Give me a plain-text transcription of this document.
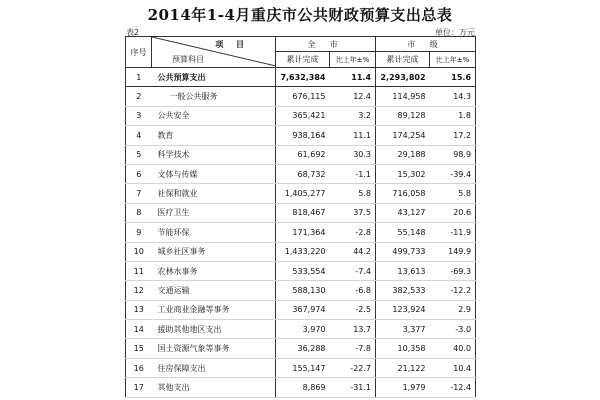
2014年1-4月重庆市公共财政预算支出总表
表2	单位：万元
序号	项 目
预算科目	全 市		市 级	
		累计完成	比上年±%	累计完成	比上年±%
1	公共预算支出	7,632,384	11.4	2,293,802	15.6
2	一般公共服务	676,115	12.4	114,958	14.3
3	公共安全	365,421	3.2	89,128	1.8
4	教育	938,164	11.1	174,254	17.2
5	科学技术	61,692	30.3	29,188	98.9
6	文体与传媒	68,732	-1.1	15,302	-39.4
7	社保和就业	1,405,277	5.8	716,058	5.8
8	医疗卫生	818,467	37.5	43,127	20.6
9	节能环保	171,364	-2.8	55,148	-11.9
10	城乡社区事务	1,433,220	44.2	499,733	149.9
11	农林水事务	533,554	-7.4	13,613	-69.3
12	交通运输	588,130	-6.8	382,533	-12.2
13	工业商业金融等事务	367,974	-2.5	123,924	2.9
14	援助其他地区支出	3,970	13.7	3,377	-3.0
15	国土资源气象等事务	36,288	-7.8	10,358	40.0
16	住房保障支出	155,147	-22.7	21,122	10.4
17	其他支出	8,869	-31.1	1,979	-12.4
